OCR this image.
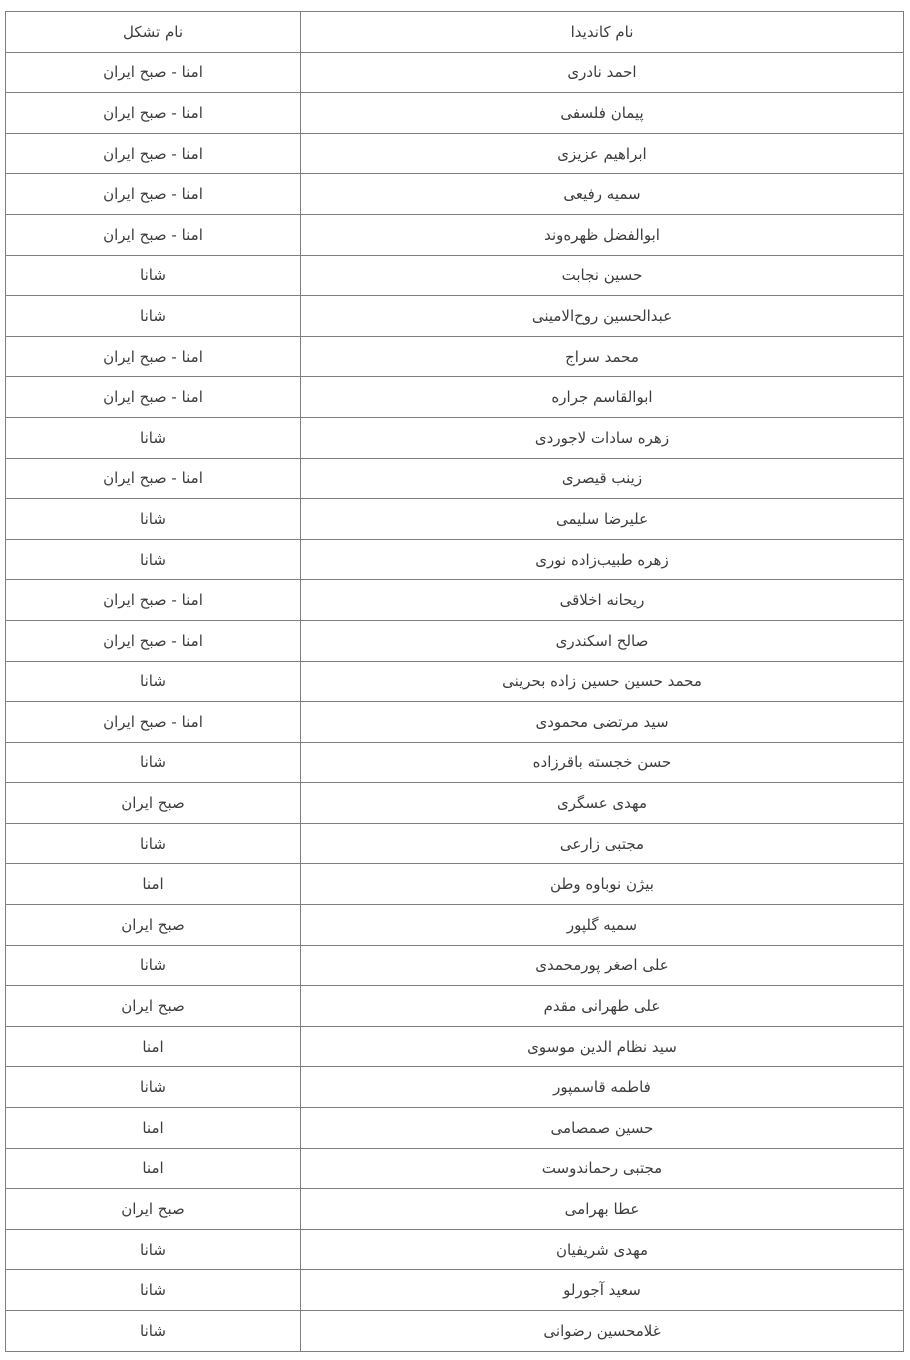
نام کاندیدا	نام تشکل
احمد نادری	امنا - صبح ایران
پیمان فلسفی	امنا - صبح ایران
ابراهیم عزیزی	امنا - صبح ایران
سمیه رفیعی	امنا - صبح ایران
ابوالفضل ظهره‌وند	امنا - صبح ایران
حسین نجابت	شانا
عبدالحسین روح‌الامینی	شانا
محمد سراج	امنا - صبح ایران
ابوالقاسم جراره	امنا - صبح ایران
زهره سادات لاجوردی	شانا
زینب قیصری	امنا - صبح ایران
علیرضا سلیمی	شانا
زهره طبیب‌زاده نوری	شانا
ریحانه اخلاقی	امنا - صبح ایران
صالح اسکندری	امنا - صبح ایران
محمد حسین حسین زاده بحرینی	شانا
سید مرتضی محمودی	امنا - صبح ایران
حسن خجسته باقرزاده	شانا
مهدی عسگری	صبح ایران
مجتبی زارعی	شانا
بیژن نوباوه وطن	امنا
سمیه گلپور	صبح ایران
علی اصغر پورمحمدی	شانا
علی طهرانی مقدم	صبح ایران
سید نظام الدین موسوی	امنا
فاطمه قاسمپور	شانا
حسین صمصامی	امنا
مجتبی رحماندوست	امنا
عطا بهرامی	صبح ایران
مهدی شریفیان	شانا
سعید آجورلو	شانا
غلامحسین رضوانی	شانا
